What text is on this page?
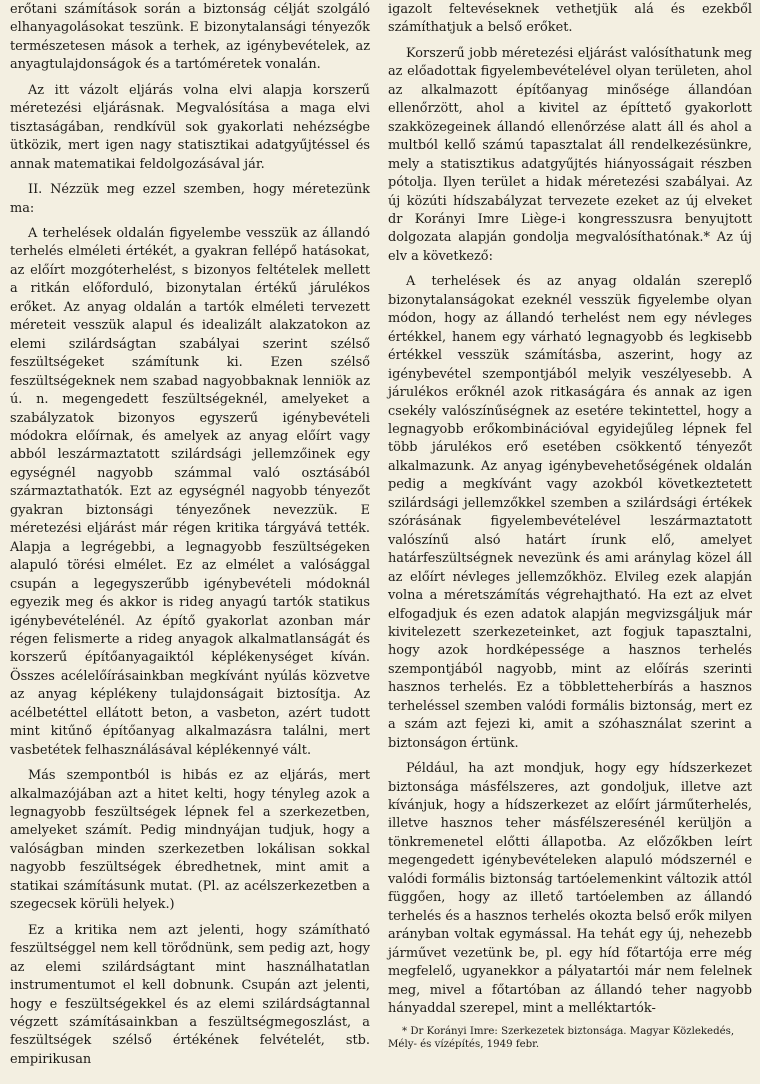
erőtani számítások során a biztonság célját szolgáló elhanyagolásokat teszünk. E bizonytalansági tényezők természetesen mások a terhek, az igénybevételek, az anyagtulajdonságok és a tartóméretek vonalán.

Az itt vázolt eljárás volna elvi alapja korszerű méretezési eljárásnak. Megvalósítása a maga elvi tisztaságában, rendkívül sok gyakorlati nehézségbe ütközik, mert igen nagy statisztikai adatgyűjtéssel és annak matematikai feldolgozásával jár.

II. Nézzük meg ezzel szemben, hogy méretezünk ma:

A terhelések oldalán figyelembe vesszük az állandó terhelés elméleti értékét, a gyakran fellépő hatásokat, az előírt mozgóterhelést, s bizonyos feltételek mellett a ritkán előforduló, bizonytalan értékű járulékos erőket. Az anyag oldalán a tartók elméleti tervezett méreteit vesszük alapul és idealizált alakzatokon az elemi szilárdságtan szabályai szerint szélső feszültségeket számítunk ki. Ezen szélső feszültségeknek nem szabad nagyobbaknak lenniök az ú. n. megengedett feszültségeknél, amelyeket a szabályzatok bizonyos egyszerű igénybevételi módokra előírnak, és amelyek az anyag előírt vagy abból leszármaztatott szilárdsági jellemzőinek egy egységnél nagyobb számmal való osztásából származtathatók. Ezt az egységnél nagyobb tényezőt gyakran biztonsági tényezőnek nevezzük. E méretezési eljárást már régen kritika tárgyává tették. Alapja a legrégebbi, a legnagyobb feszültségeken alapuló törési elmélet. Ez az elmélet a valósággal csupán a legegyszerűbb igénybevételi módoknál egyezik meg és akkor is rideg anyagú tartók statikus igénybevételénél. Az építő gyakorlat azonban már régen felismerte a rideg anyagok alkalmatlanságát és korszerű építőanyagaiktól képlékenységet kíván. Összes acélelőírásainkban megkívánt nyúlás közvetve az anyag képlékeny tulajdonságait biztosítja. Az acélbetéttel ellátott beton, a vasbeton, azért tudott mint kitűnő építőanyag alkalmazásra találni, mert vasbetétek felhasználásával képlékennyé vált.

Más szempontból is hibás ez az eljárás, mert alkalmazójában azt a hitet kelti, hogy tényleg azok a legnagyobb feszültségek lépnek fel a szerkezetben, amelyeket számít. Pedig mindnyájan tudjuk, hogy a valóságban minden szerkezetben lokálisan sokkal nagyobb feszültségek ébredhetnek, mint amit a statikai számításunk mutat. (Pl. az acélszerkezetben a szegecsek körüli helyek.)

Ez a kritika nem azt jelenti, hogy számítható feszültséggel nem kell törődnünk, sem pedig azt, hogy az elemi szilárdságtant mint használhatatlan instrumentumot el kell dobnunk. Csupán azt jelenti, hogy e feszültségekkel és az elemi szilárdságtannal végzett számításainkban a feszültségmegoszlást, a feszültségek szélső értékének felvételét, stb. empirikusan

igazolt feltevéseknek vethetjük alá és ezekből számíthatjuk a belső erőket.

Korszerű jobb méretezési eljárást valósíthatunk meg az előadottak figyelembevételével olyan területen, ahol az alkalmazott építőanyag minősége állandóan ellenőrzött, ahol a kivitel az építtető gyakorlott szakközegeinek állandó ellenőrzése alatt áll és ahol a multból kellő számú tapasztalat áll rendelkezésünkre, mely a statisztikus adatgyűjtés hiányosságait részben pótolja. Ilyen terület a hidak méretezési szabályai. Az új közúti hídszabályzat tervezete ezeket az új elveket dr Korányi Imre Liège-i kongresszusra benyujtott dolgozata alapján gondolja megvalósíthatónak.* Az új elv a következő:

A terhelések és az anyag oldalán szereplő bizonytalanságokat ezeknél vesszük figyelembe olyan módon, hogy az állandó terhelést nem egy névleges értékkel, hanem egy várható legnagyobb és legkisebb értékkel vesszük számításba, aszerint, hogy az igénybevétel szempontjából melyik veszélyesebb. A járulékos erőknél azok ritkaságára és annak az igen csekély valószínűségnek az esetére tekintettel, hogy a legnagyobb erőkombinációval egyidejűleg lépnek fel több járulékos erő esetében csökkentő tényezőt alkalmazunk. Az anyag igénybevehetőségének oldalán pedig a megkívánt vagy azokból következtetett szilárdsági jellemzőkkel szemben a szilárdsági értékek szórásának figyelembevételével leszármaztatott valószínű alsó határt írunk elő, amelyet határfeszültségnek nevezünk és ami aránylag közel áll az előírt névleges jellemzőkhöz. Elvileg ezek alapján volna a méretszámítás végrehajtható. Ha ezt az elvet elfogadjuk és ezen adatok alapján megvizsgáljuk már kivitelezett szerkezeteinket, azt fogjuk tapasztalni, hogy azok hordképessége a hasznos terhelés szempontjából nagyobb, mint az előírás szerinti hasznos terhelés. Ez a többletteherbírás a hasznos terheléssel szemben valódi formális biztonság, mert ez a szám azt fejezi ki, amit a szóhasználat szerint a biztonságon értünk.

Például, ha azt mondjuk, hogy egy hídszerkezet biztonsága másfélszeres, azt gondoljuk, illetve azt kívánjuk, hogy a hídszerkezet az előírt járműterhelés, illetve hasznos teher másfélszeresénél kerüljön a tönkremenetel előtti állapotba. Az előzőkben leírt megengedett igénybevételeken alapuló módszernél e valódi formális biztonság tartóelemenkint változik attól függően, hogy az illető tartóelemben az állandó terhelés és a hasznos terhelés okozta belső erők milyen arányban voltak egymással. Ha tehát egy új, nehezebb járművet vezetünk be, pl. egy híd főtartója erre még megfelelő, ugyanekkor a pályatartói már nem felelnek meg, mivel a főtartóban az állandó teher nagyobb hányaddal szerepel, mint a melléktartók-

* Dr Korányi Imre: Szerkezetek biztonsága. Magyar Közlekedés, Mély- és vízépítés, 1949 febr.
